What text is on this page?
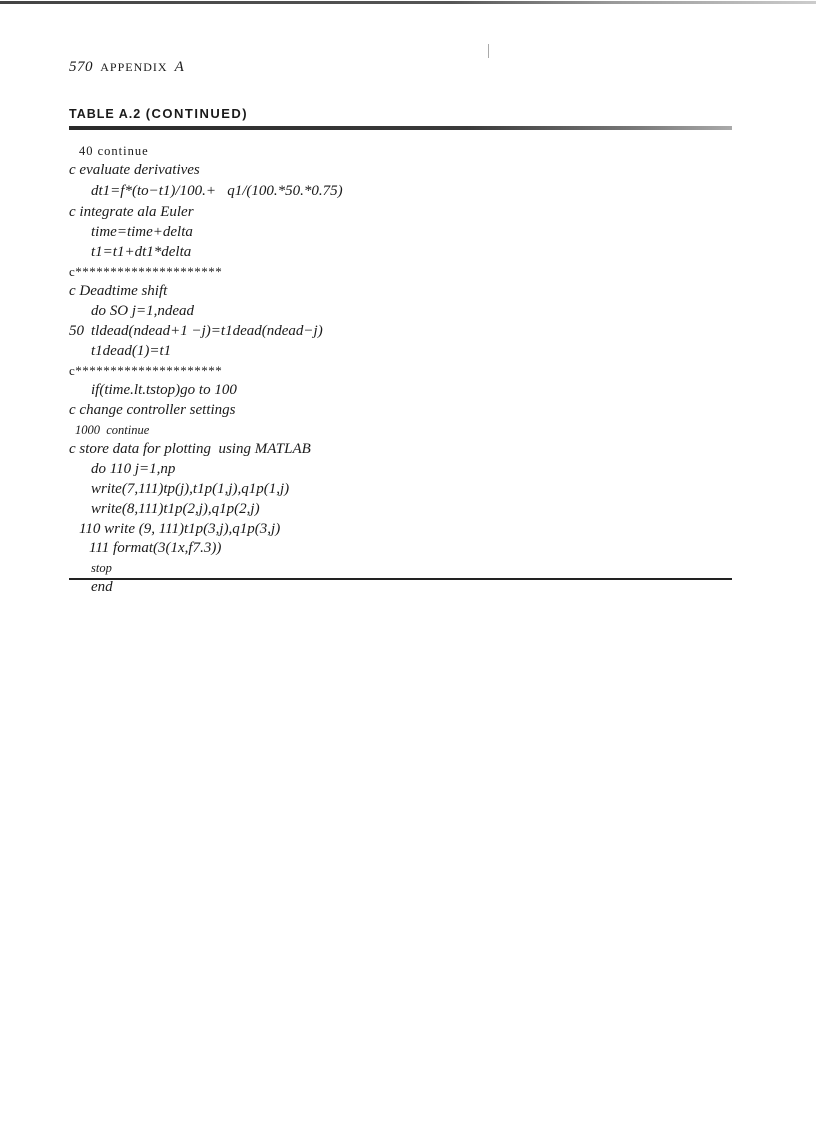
570 APPENDIX A
TABLE A.2 (CONTINUED)
40 continue
c evaluate derivatives
dt1=f*(to−t1)/100.+   q1/(100.*50.*0.75)
c integrate ala Euler
time=time+delta
t1=t1+dt1*delta
c*********************
c Deadtime shift
do SO j=1,ndead
50 tldead(ndead+1 −j)=t1dead(ndead−j)
t1dead(1)=t1
c*********************
if(time.lt.tstop)go to 100
c change controller settings
1000  continue
c store data for plotting  using MATLAB
do 110 j=1,np
write(7,111)tp(j),t1p(1,j),q1p(1,j)
write(8,111)t1p(2,j),q1p(2,j)
110 write (9, 111)t1p(3,j),q1p(3,j)
111 format(3(1x,f7.3))
stop
end
